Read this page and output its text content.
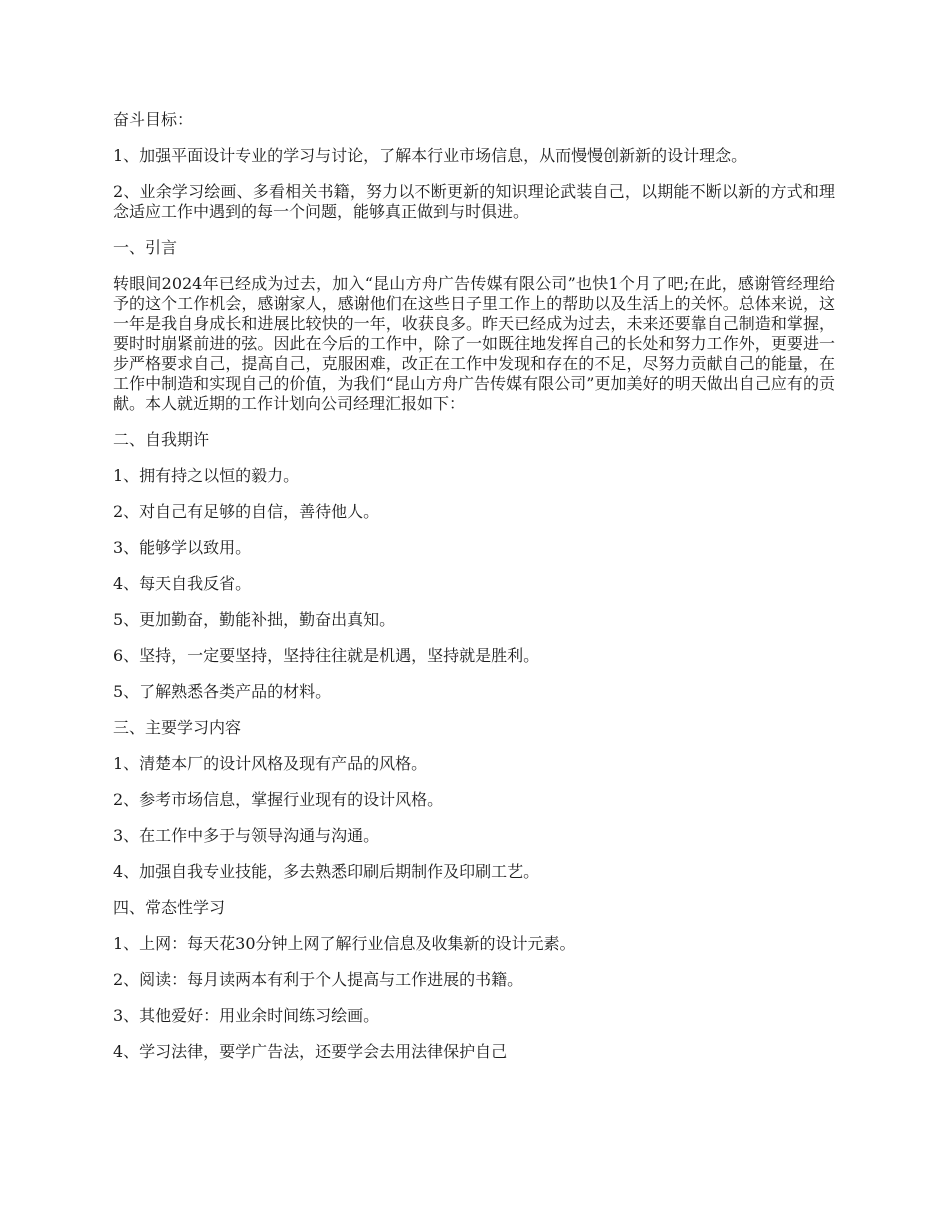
奋斗目标：

1、加强平面设计专业的学习与讨论，了解本行业市场信息，从而慢慢创新新的设计理念。

2、业余学习绘画、多看相关书籍，努力以不断更新的知识理论武装自己，以期能不断以新的方式和理念适应工作中遇到的每一个问题，能够真正做到与时俱进。

一、引言

转眼间2024年已经成为过去，加入“昆山方舟广告传媒有限公司”也快1个月了吧;在此，感谢管经理给予的这个工作机会，感谢家人，感谢他们在这些日子里工作上的帮助以及生活上的关怀。总体来说，这一年是我自身成长和进展比较快的一年，收获良多。昨天已经成为过去，未来还要靠自己制造和掌握，要时时崩紧前进的弦。因此在今后的工作中，除了一如既往地发挥自己的长处和努力工作外，更要进一步严格要求自己，提高自己，克服困难，改正在工作中发现和存在的不足，尽努力贡献自己的能量，在工作中制造和实现自己的价值，为我们“昆山方舟广告传媒有限公司”更加美好的明天做出自己应有的贡献。本人就近期的工作计划向公司经理汇报如下：

二、自我期许

1、拥有持之以恒的毅力。

2、对自己有足够的自信，善待他人。

3、能够学以致用。

4、每天自我反省。

5、更加勤奋，勤能补拙，勤奋出真知。

6、坚持，一定要坚持，坚持往往就是机遇，坚持就是胜利。

5、了解熟悉各类产品的材料。

三、主要学习内容

1、清楚本厂的设计风格及现有产品的风格。

2、参考市场信息，掌握行业现有的设计风格。

3、在工作中多于与领导沟通与沟通。

4、加强自我专业技能，多去熟悉印刷后期制作及印刷工艺。

四、常态性学习

1、上网：每天花30分钟上网了解行业信息及收集新的设计元素。

2、阅读：每月读两本有利于个人提高与工作进展的书籍。

3、其他爱好：用业余时间练习绘画。

4、学习法律，要学广告法，还要学会去用法律保护自己
